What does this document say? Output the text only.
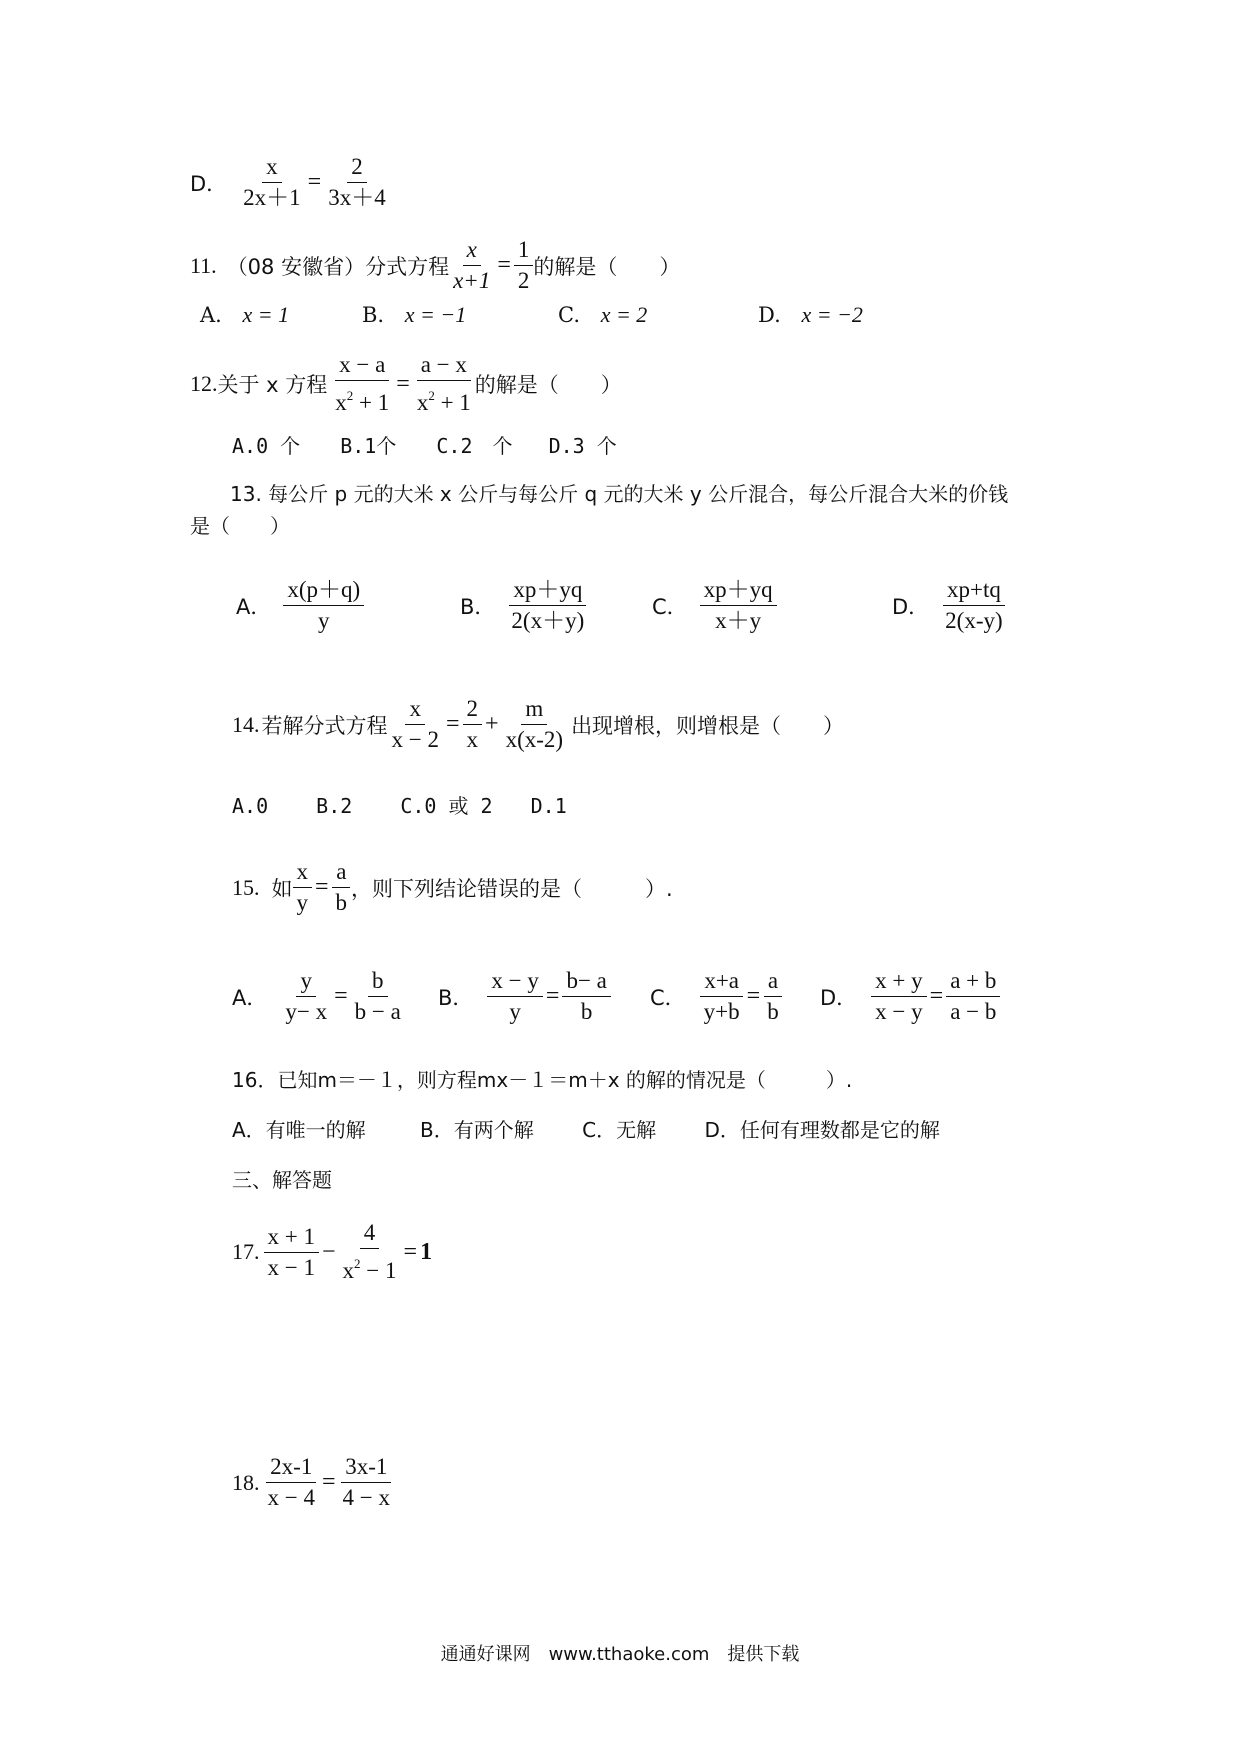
D． $\frac{x}{2x+1} = \frac{2}{3x+4}$
11. （08 安徽省）分式方程 $\frac{x}{x+1} = \frac{1}{2}$ 的解是（　　）
A. x = 1	B. x = −1	C. x = 2	D. x = −2
12. 关于 x 方程 $\frac{x - a}{x^2 + 1} = \frac{a - x}{x^2 + 1}$ 的解是（　　）
A.0 个 B.1个 C.2　 个 D.3 个
13. 每公斤 p 元的大米 x 公斤与每公斤 q 元的大米 y 公斤混合，每公斤混合大米的价钱
是（　　）
A． $\frac{x(p+q)}{y}$	B． $\frac{xp+yq}{2(x+y)}$	C． $\frac{xp+yq}{x+y}$	D． $\frac{xp+tq}{2(x-y)}$
14. 若解分式方程 $\frac{x}{x - 2} = \frac{2}{x} + \frac{m}{x(x-2)}$ 出现增根，则增根是（　　）
A.0 B.2 C.0 或 2 D.1
15. 如 $\frac{x}{y} = \frac{a}{b}$ ，则下列结论错误的是（　　　）.
A． $\frac{y}{y- x} = \frac{b}{b - a}$ B． $\frac{x - y}{y} = \frac{b- a}{b}$ C． $\frac{x+a}{y+b} = \frac{a}{b}$ D． $\frac{x + y}{x - y} = \frac{a + b}{a - b}$
16．已知m＝－１，则方程mx－１＝m＋x 的解的情况是（　　　）.
A．有唯一的解	B．有两个解 C．无解 D．任何有理数都是它的解
三、解答题
17. $\frac{x + 1}{x - 1} - \frac{4}{x^2 - 1} = 1$
18. $\frac{2x-1}{x - 4} = \frac{3x-1}{4 - x}$
通通好课网　www.tthaoke.com　提供下载
